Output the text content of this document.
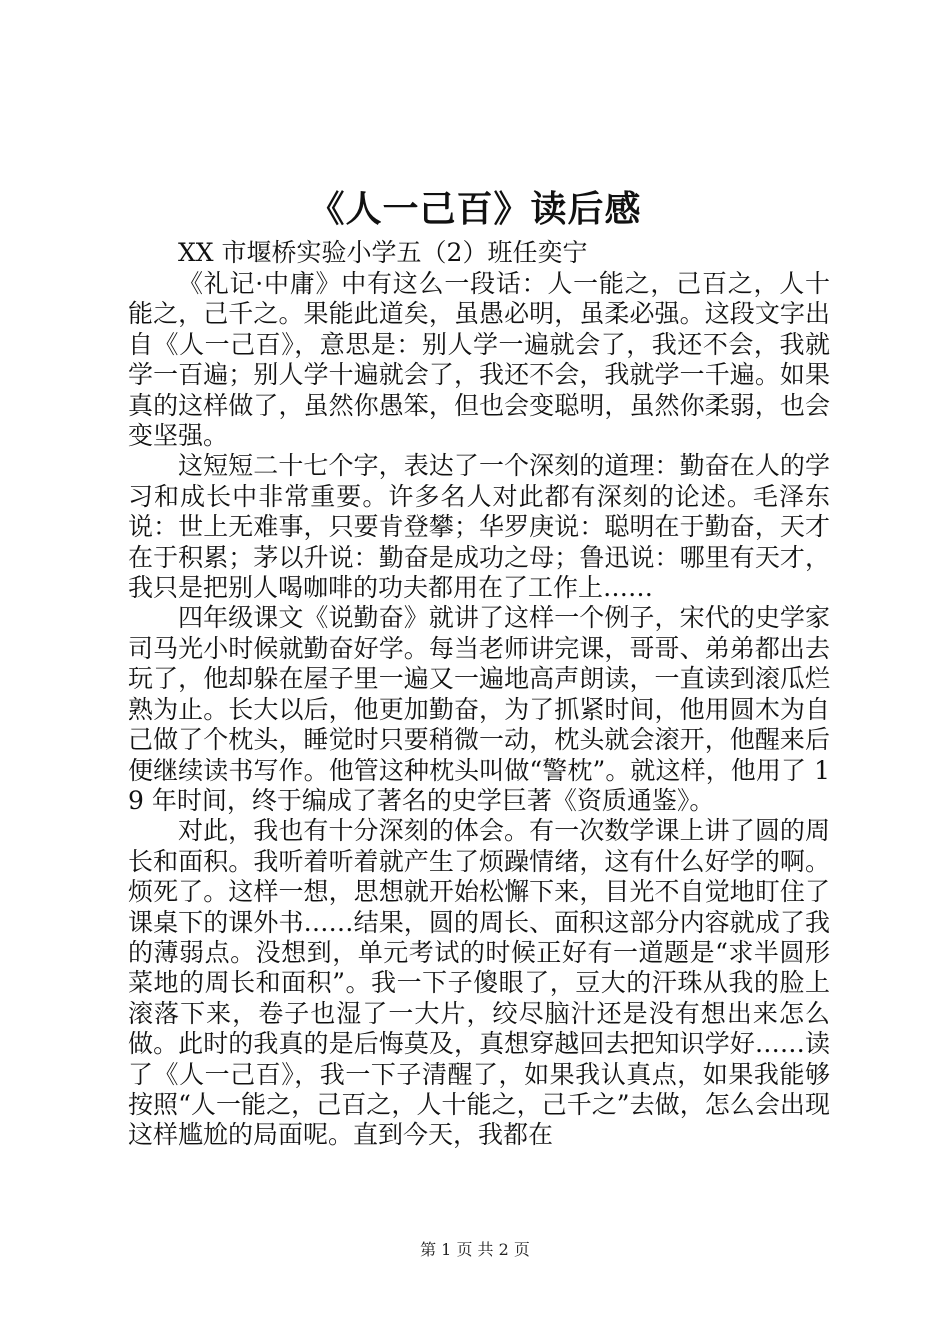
《人一己百》读后感
XX 市堰桥实验小学五（2）班任奕宁

《礼记·中庸》中有这么一段话：人一能之，己百之，人十能之，己千之。果能此道矣，虽愚必明，虽柔必强。这段文字出自《人一己百》，意思是：别人学一遍就会了，我还不会，我就学一百遍；别人学十遍就会了，我还不会，我就学一千遍。如果真的这样做了，虽然你愚笨，但也会变聪明，虽然你柔弱，也会变坚强。

这短短二十七个字，表达了一个深刻的道理：勤奋在人的学习和成长中非常重要。许多名人对此都有深刻的论述。毛泽东说：世上无难事，只要肯登攀；华罗庚说：聪明在于勤奋，天才在于积累；茅以升说：勤奋是成功之母；鲁迅说：哪里有天才，我只是把别人喝咖啡的功夫都用在了工作上……

四年级课文《说勤奋》就讲了这样一个例子，宋代的史学家司马光小时候就勤奋好学。每当老师讲完课，哥哥、弟弟都出去玩了，他却躲在屋子里一遍又一遍地高声朗读，一直读到滚瓜烂熟为止。长大以后，他更加勤奋，为了抓紧时间，他用圆木为自己做了个枕头，睡觉时只要稍微一动，枕头就会滚开，他醒来后便继续读书写作。他管这种枕头叫做“警枕”。就这样，他用了 19 年时间，终于编成了著名的史学巨著《资质通鉴》。

对此，我也有十分深刻的体会。有一次数学课上讲了圆的周长和面积。我听着听着就产生了烦躁情绪，这有什么好学的啊。烦死了。这样一想，思想就开始松懈下来，目光不自觉地盯住了课桌下的课外书……结果，圆的周长、面积这部分内容就成了我的薄弱点。没想到，单元考试的时候正好有一道题是“求半圆形菜地的周长和面积”。我一下子傻眼了，豆大的汗珠从我的脸上滚落下来，卷子也湿了一大片，绞尽脑汁还是没有想出来怎么做。此时的我真的是后悔莫及，真想穿越回去把知识学好……读了《人一己百》，我一下子清醒了，如果我认真点，如果我能够按照“人一能之，己百之，人十能之，己千之”去做，怎么会出现这样尴尬的局面呢。直到今天，我都在

第 1 页 共 2 页
